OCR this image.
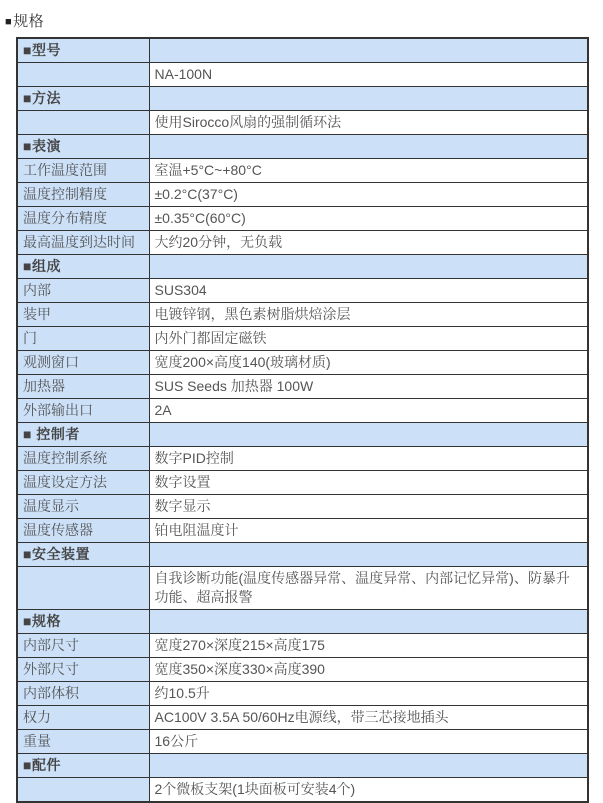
■规格
■型号	
	NA-100N
■方法	
	使用Sirocco风扇的强制循环法
■表演	
工作温度范围	室温+5°C~+80°C
温度控制精度	±0.2°C(37°C)
温度分布精度	±0.35°C(60°C)
最高温度到达时间	大约20分钟，无负载
■组成	
内部	SUS304
装甲	电镀锌钢，黑色素树脂烘焙涂层
门	内外门都固定磁铁
观测窗口	宽度200×高度140(玻璃材质)
加热器	SUS Seeds 加热器 100W
外部输出口	2A
■ 控制者	
温度控制系统	数字PID控制
温度设定方法	数字设置
温度显示	数字显示
温度传感器	铂电阻温度计
■安全装置	
	自我诊断功能(温度传感器异常、温度异常、内部记忆异常)、防暴升功能、超高报警
■规格	
内部尺寸	宽度270×深度215×高度175
外部尺寸	宽度350×深度330×高度390
内部体积	约10.5升
权力	AC100V 3.5A 50/60Hz电源线，带三芯接地插头
重量	16公斤
■配件	
	2个微板支架(1块面板可安装4个)
